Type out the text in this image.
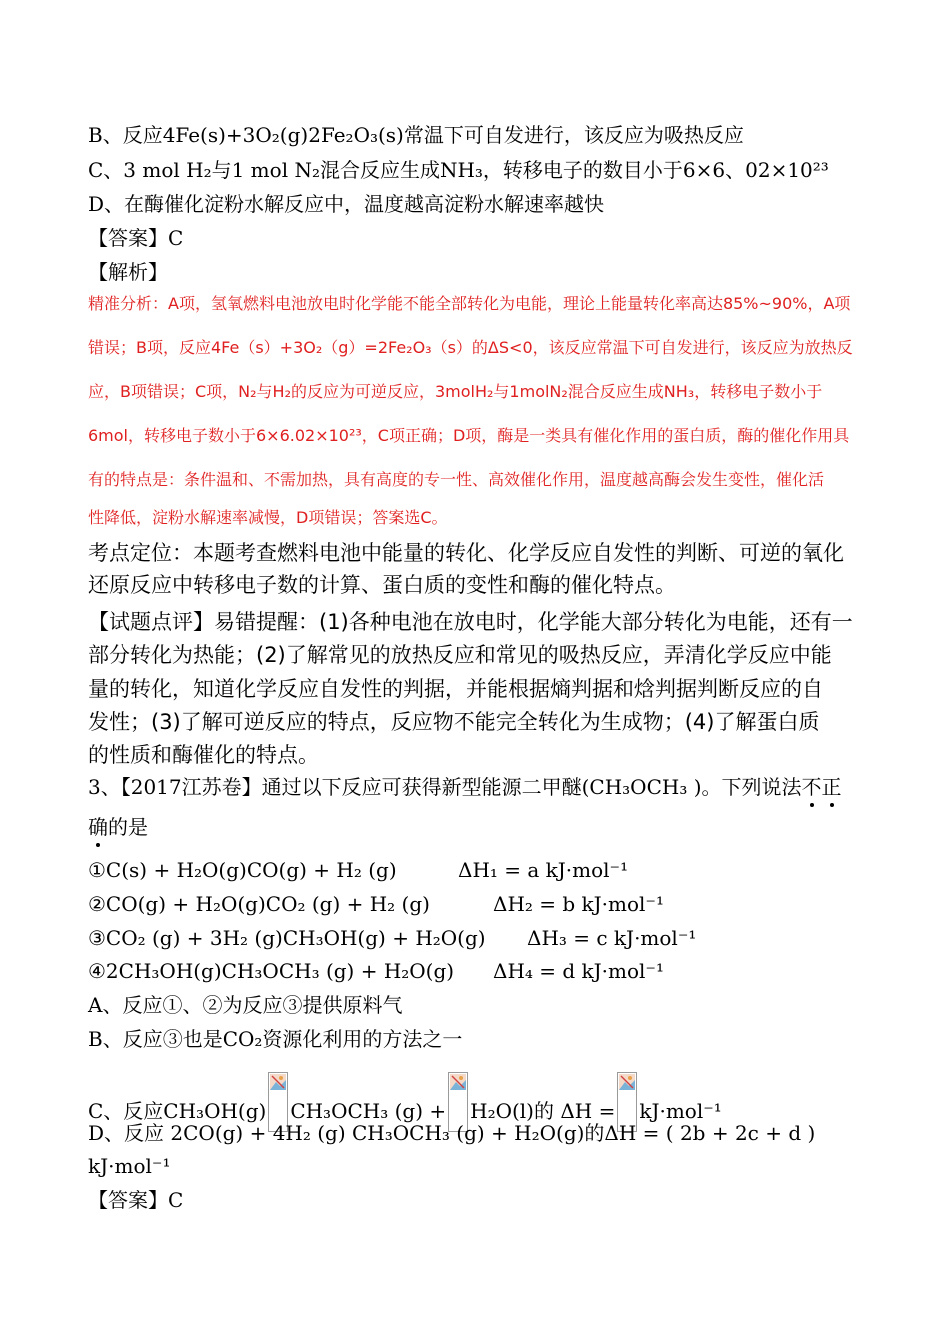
B、反应4Fe(s)+3O₂(g)2Fe₂O₃(s)常温下可自发进行，该反应为吸热反应
C、3 mol H₂与1 mol N₂混合反应生成NH₃，转移电子的数目小于6×6、02×10²³
D、在酶催化淀粉水解反应中，温度越高淀粉水解速率越快
【答案】C
【解析】
精准分析：A项，氢氧燃料电池放电时化学能不能全部转化为电能，理论上能量转化率高达85%~90%，A项
错误；B项，反应4Fe（s）+3O₂（g）=2Fe₂O₃（s）的ΔS<0，该反应常温下可自发进行，该反应为放热反
应，B项错误；C项，N₂与H₂的反应为可逆反应，3molH₂与1molN₂混合反应生成NH₃，转移电子数小于
6mol，转移电子数小于6×6.02×10²³，C项正确；D项，酶是一类具有催化作用的蛋白质，酶的催化作用具
有的特点是：条件温和、不需加热，具有高度的专一性、高效催化作用，温度越高酶会发生变性，催化活
性降低，淀粉水解速率减慢，D项错误；答案选C。
考点定位：本题考查燃料电池中能量的转化、化学反应自发性的判断、可逆的氧化
还原反应中转移电子数的计算、蛋白质的变性和酶的催化特点。
【试题点评】易错提醒：(1)各种电池在放电时，化学能大部分转化为电能，还有一
部分转化为热能；(2)了解常见的放热反应和常见的吸热反应，弄清化学反应中能
量的转化，知道化学反应自发性的判据，并能根据熵判据和焓判据判断反应的自
发性；(3)了解可逆反应的特点，反应物不能完全转化为生成物；(4)了解蛋白质
的性质和酶催化的特点。
3、【2017江苏卷】通过以下反应可获得新型能源二甲醚(CH₃OCH₃ )。下列说法不正
确的是
①C(s) + H₂O(g)CO(g) + H₂ (g)	ΔH₁ = a kJ·mol⁻¹
②CO(g) + H₂O(g)CO₂ (g) + H₂ (g)	ΔH₂ = b kJ·mol⁻¹
③CO₂ (g) + 3H₂ (g)CH₃OH(g) + H₂O(g) ΔH₃ = c kJ·mol⁻¹
④2CH₃OH(g)CH₃OCH₃ (g) + H₂O(g) ΔH₄ = d kJ·mol⁻¹
A、反应①、②为反应③提供原料气
B、反应③也是CO₂资源化利用的方法之一
C、反应CH₃OH(g) CH₃OCH₃ (g) + H₂O(l)的 ΔH = kJ·mol⁻¹
D、反应 2CO(g) + 4H₂ (g) CH₃OCH₃ (g) + H₂O(g)的ΔH = ( 2b + 2c + d )
kJ·mol⁻¹
【答案】C
